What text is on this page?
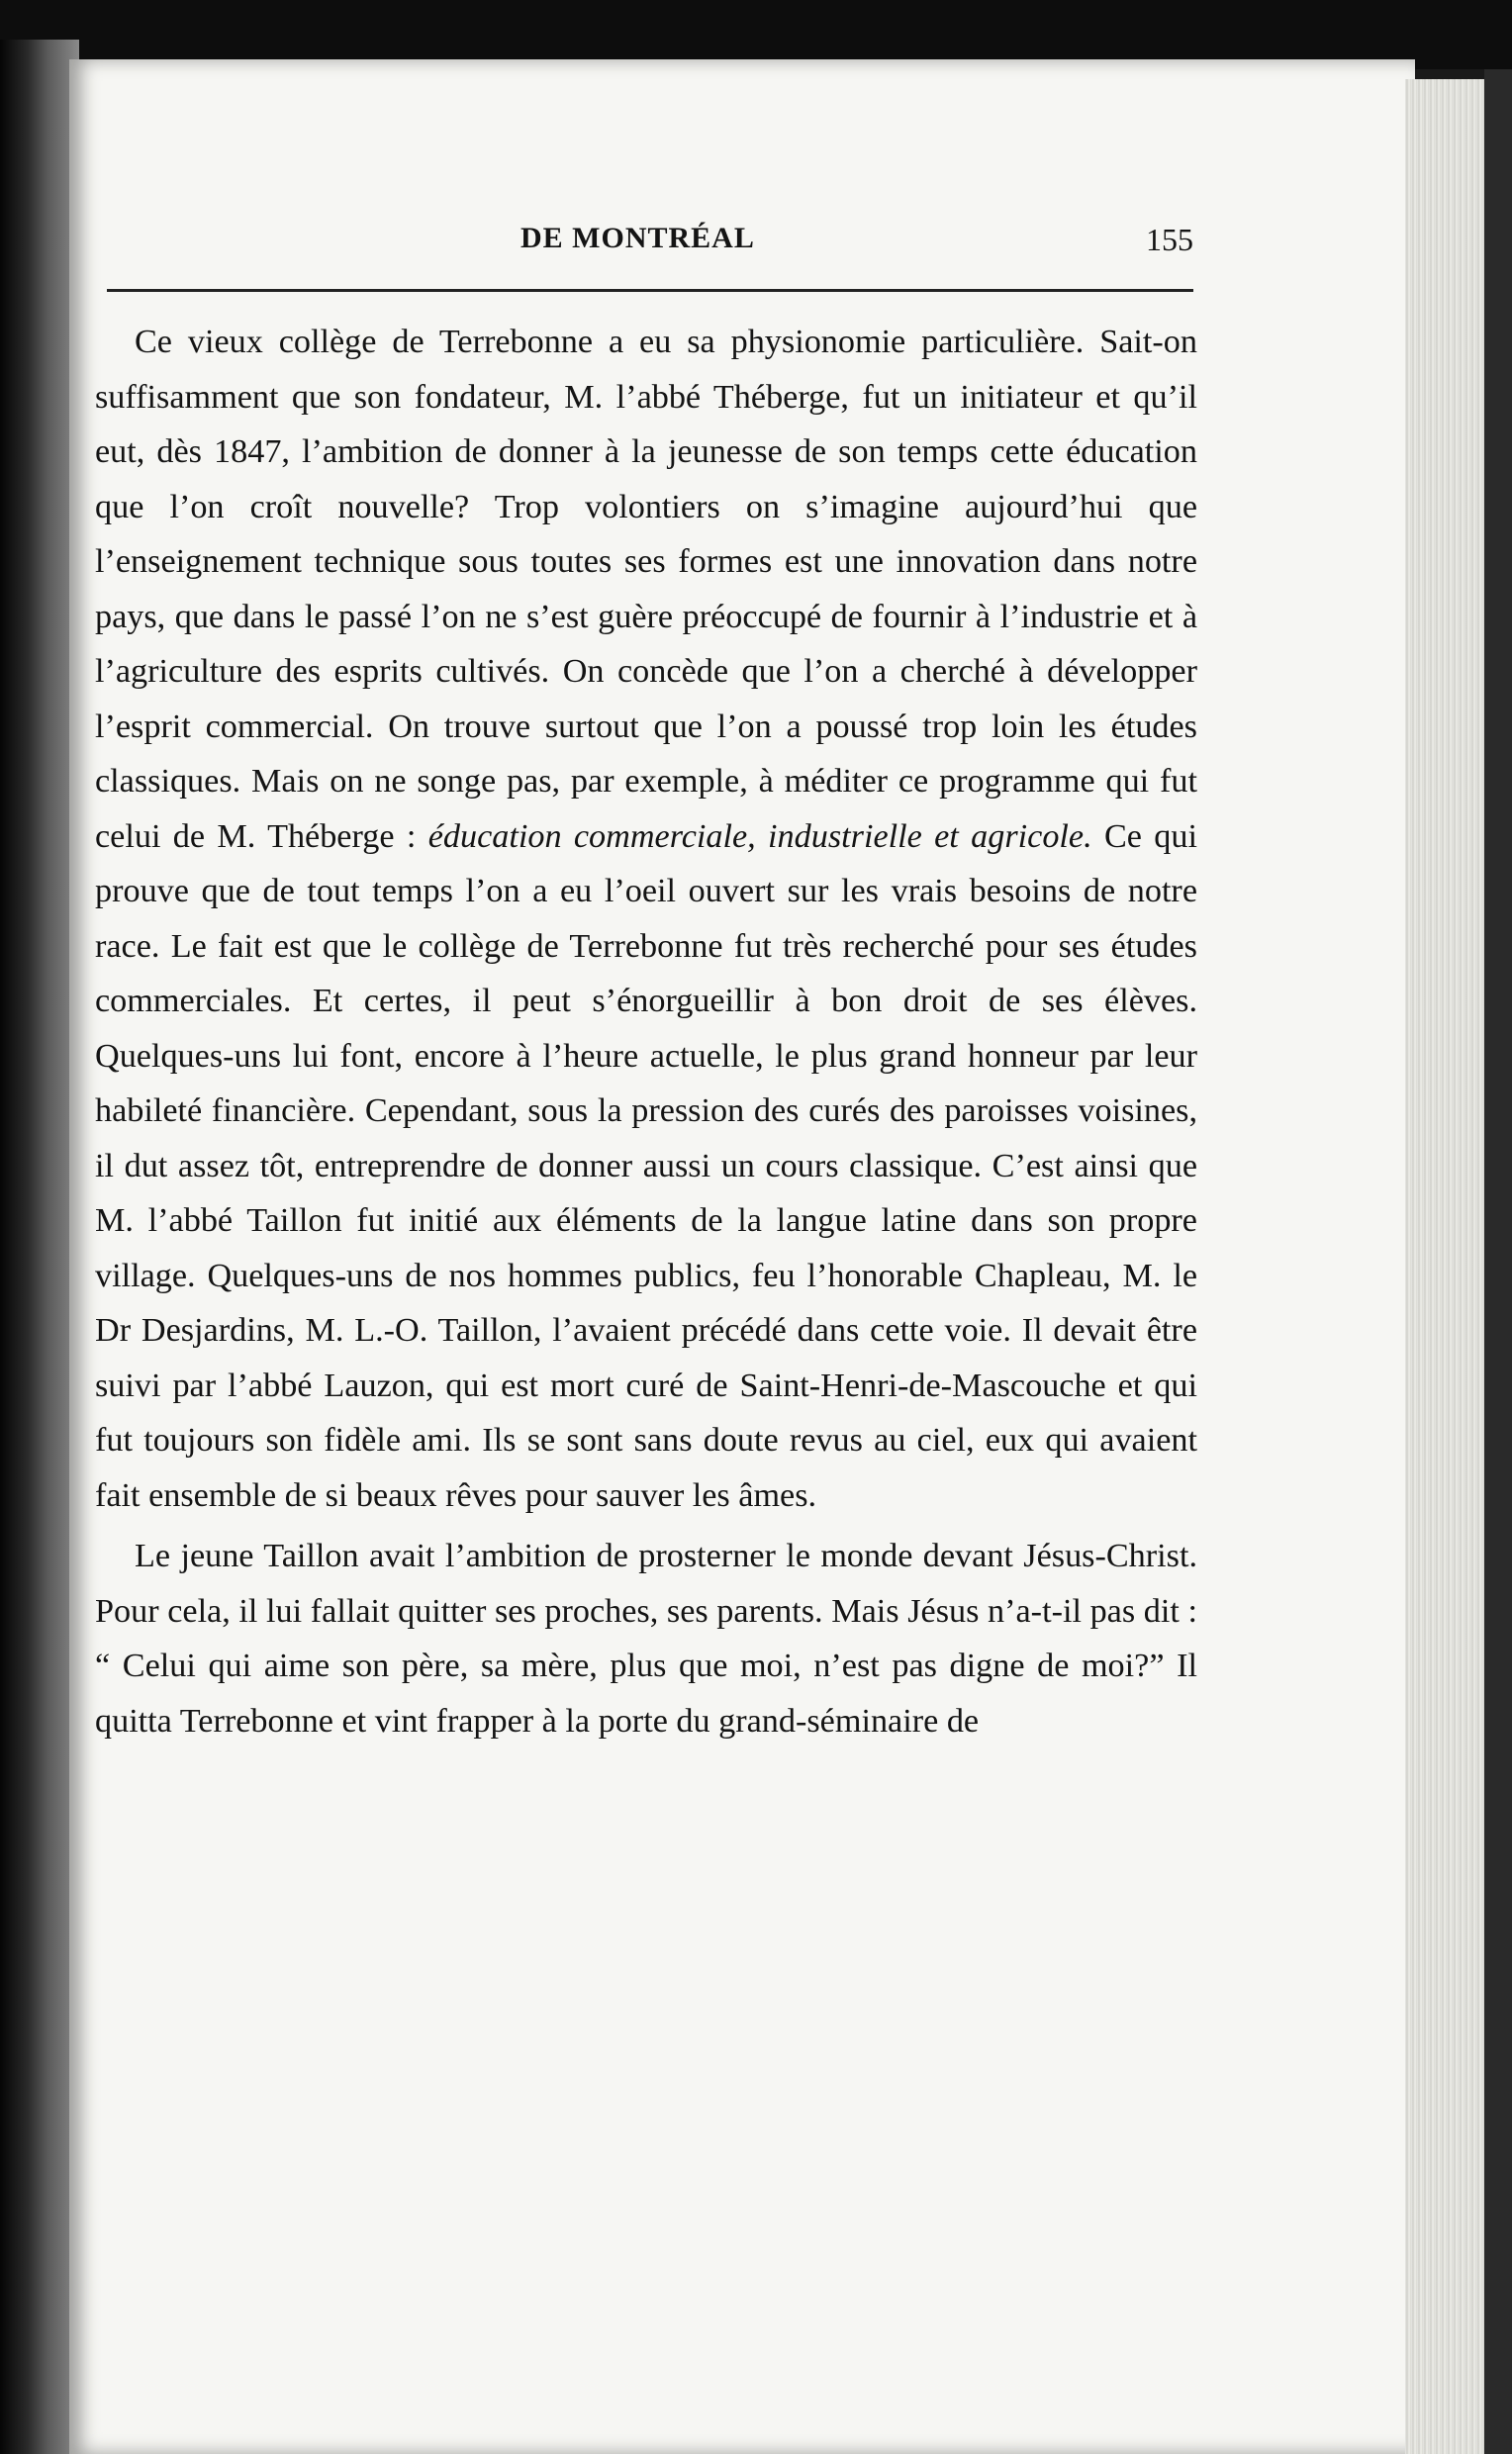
DE MONTRÉAL	155

Ce vieux collège de Terrebonne a eu sa physionomie particulière. Sait-on suffisamment que son fondateur, M. l’abbé Théberge, fut un initiateur et qu’il eut, dès 1847, l’ambition de donner à la jeunesse de son temps cette éducation que l’on croît nouvelle? Trop volontiers on s’imagine aujourd’hui que l’enseignement technique sous toutes ses formes est une innovation dans notre pays, que dans le passé l’on ne s’est guère préoccupé de fournir à l’industrie et à l’agriculture des esprits cultivés. On concède que l’on a cherché à développer l’esprit commercial. On trouve surtout que l’on a poussé trop loin les études classiques. Mais on ne songe pas, par exemple, à méditer ce programme qui fut celui de M. Théberge : éducation commerciale, industrielle et agricole. Ce qui prouve que de tout temps l’on a eu l’oeil ouvert sur les vrais besoins de notre race. Le fait est que le collège de Terrebonne fut très recherché pour ses études commerciales. Et certes, il peut s’énorgueillir à bon droit de ses élèves. Quelques-uns lui font, encore à l’heure actuelle, le plus grand honneur par leur habileté financière. Cependant, sous la pression des curés des paroisses voisines, il dut assez tôt, entreprendre de donner aussi un cours classique. C’est ainsi que M. l’abbé Taillon fut initié aux éléments de la langue latine dans son propre village. Quelques-uns de nos hommes publics, feu l’honorable Chapleau, M. le Dr Desjardins, M. L.-O. Taillon, l’avaient précédé dans cette voie. Il devait être suivi par l’abbé Lauzon, qui est mort curé de Saint-Henri-de-Mascouche et qui fut toujours son fidèle ami. Ils se sont sans doute revus au ciel, eux qui avaient fait ensemble de si beaux rêves pour sauver les âmes.

Le jeune Taillon avait l’ambition de prosterner le monde devant Jésus-Christ. Pour cela, il lui fallait quitter ses proches, ses parents. Mais Jésus n’a-t-il pas dit : “ Celui qui aime son père, sa mère, plus que moi, n’est pas digne de moi?” Il quitta Terrebonne et vint frapper à la porte du grand-séminaire de
